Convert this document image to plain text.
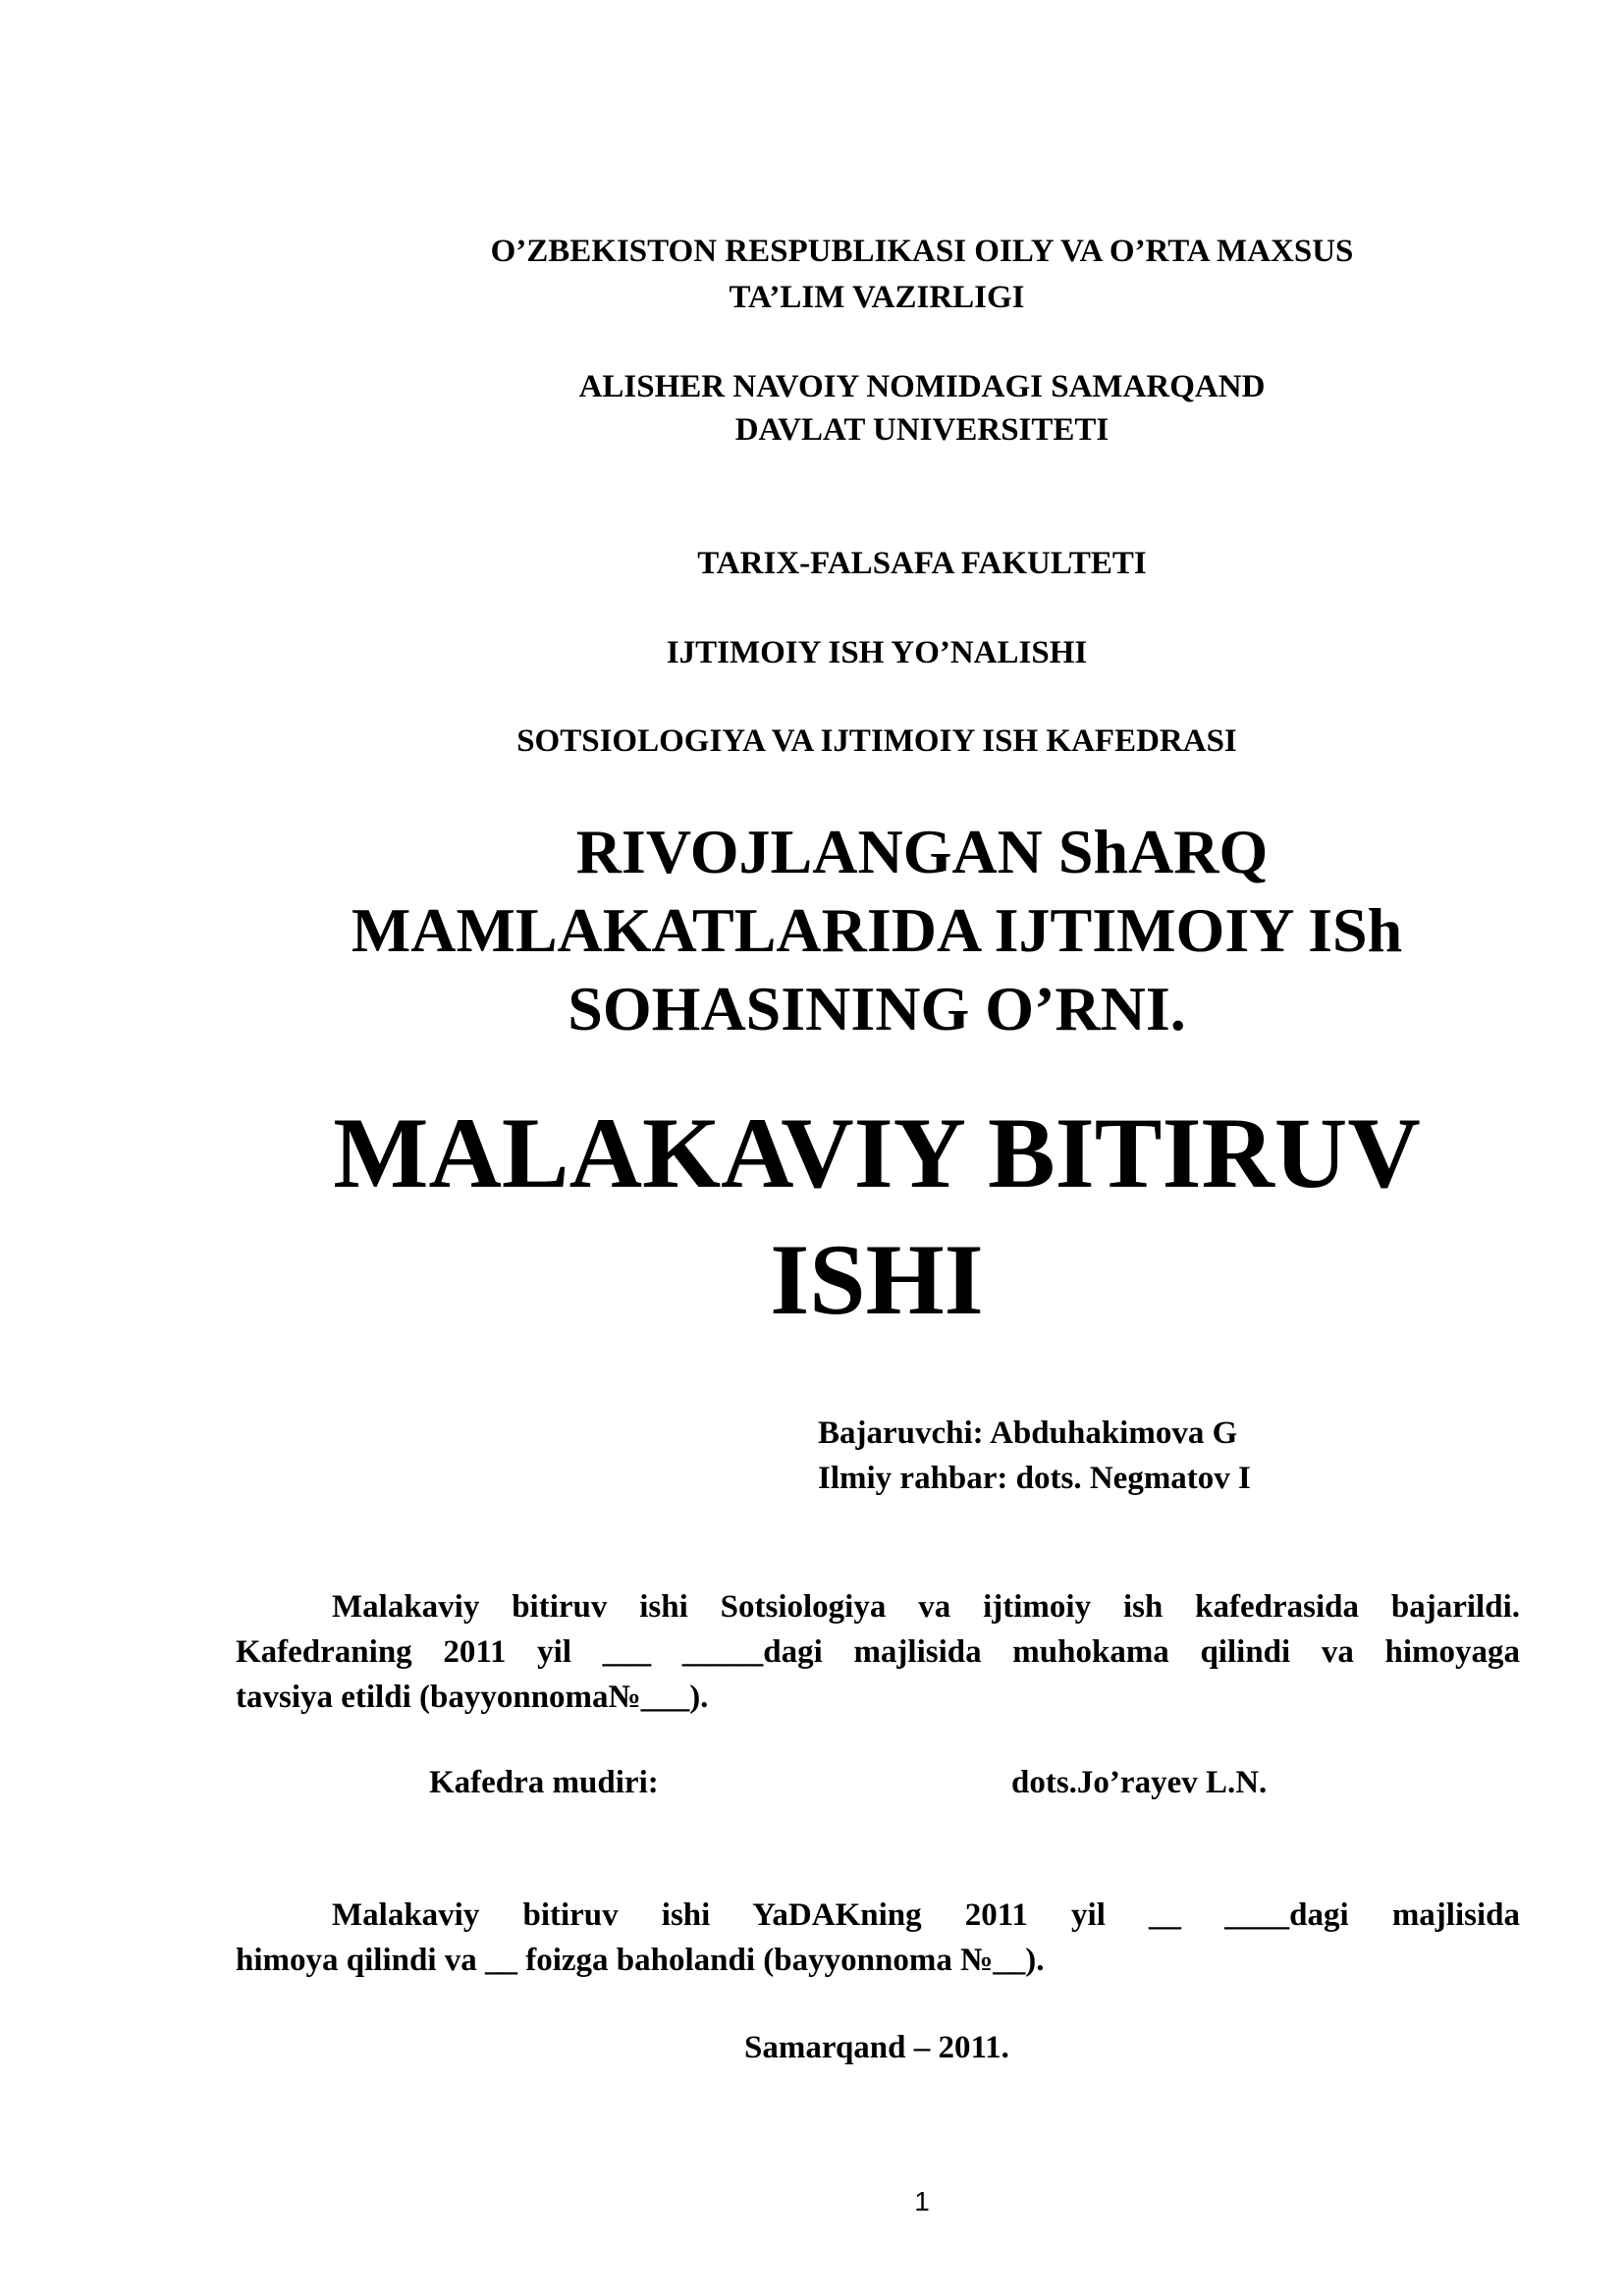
O’ZBEKISTON RESPUBLIKASI OILY VA O’RTA MAXSUS
TA’LIM VAZIRLIGI
ALISHER NAVOIY NOMIDAGI SAMARQAND
DAVLAT UNIVERSITETI
TARIX-FALSAFA FAKULTETI
IJTIMOIY ISH YO’NALISHI
SOTSIOLOGIYA VA IJTIMOIY ISH KAFEDRASI
RIVOJLANGAN ShARQ
MAMLAKATLARIDA IJTIMOIY ISh
SOHASINING O’RNI.
MALAKAVIY BITIRUV
ISHI
Bajaruvchi: Abduhakimova G
Ilmiy rahbar: dots. Negmatov I
Malakaviy bitiruv ishi Sotsiologiya va ijtimoiy ish kafedrasida bajarildi.
Kafedraning 2011 yil ___ _____dagi majlisida muhokama qilindi va himoyaga
tavsiya etildi (bayyonnoma№___).
Kafedra mudiri:	dots.Jo’rayev L.N.
Malakaviy bitiruv ishi YaDAKning 2011 yil __ ____dagi majlisida
himoya qilindi va __ foizga baholandi (bayyonnoma №__).
Samarqand – 2011.
1
